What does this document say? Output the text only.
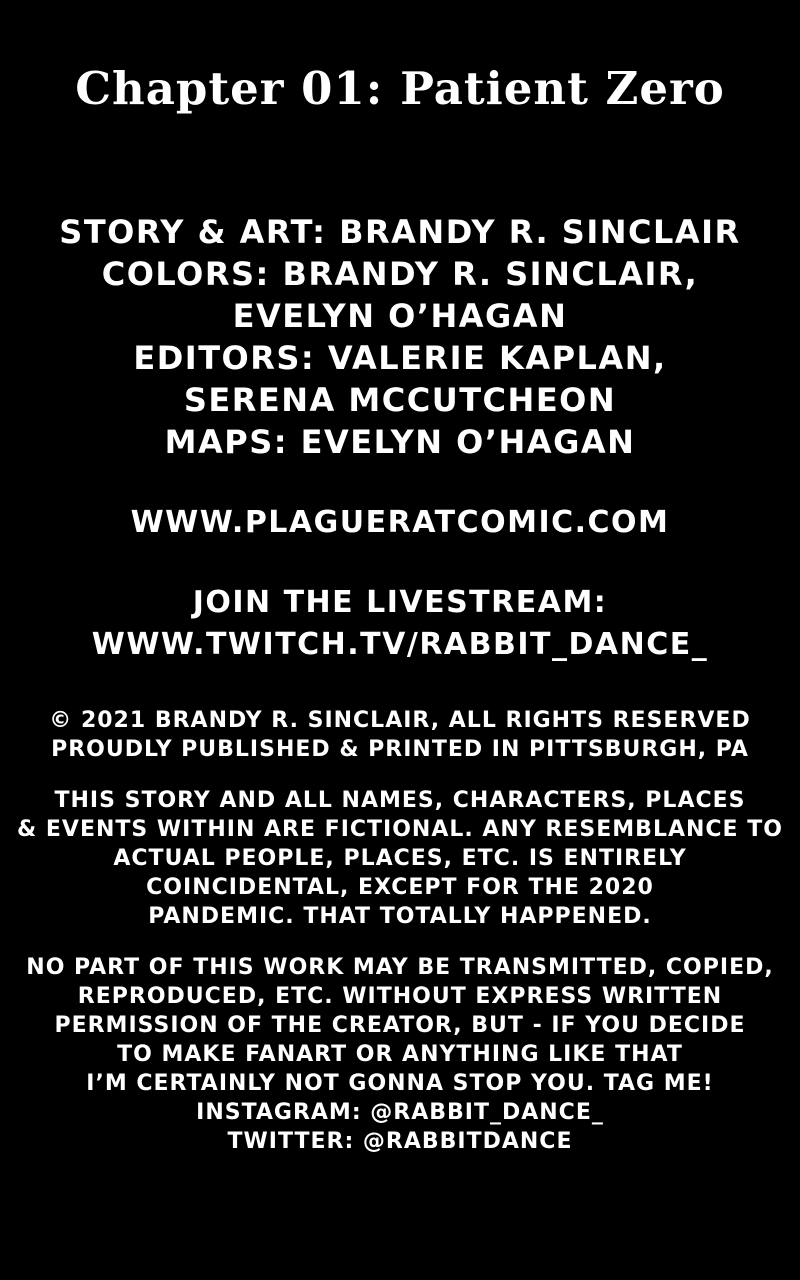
Chapter 01: Patient Zero
STORY & ART: BRANDY R. SINCLAIR
COLORS: BRANDY R. SINCLAIR,
EVELYN O’HAGAN
EDITORS: VALERIE KAPLAN,
SERENA MCCUTCHEON
MAPS: EVELYN O’HAGAN
WWW.PLAGUERATCOMIC.COM
JOIN THE LIVESTREAM:
WWW.TWITCH.TV/RABBIT_DANCE_
© 2021 BRANDY R. SINCLAIR, ALL RIGHTS RESERVED
PROUDLY PUBLISHED & PRINTED IN PITTSBURGH, PA
THIS STORY AND ALL NAMES, CHARACTERS, PLACES
& EVENTS WITHIN ARE FICTIONAL. ANY RESEMBLANCE TO
ACTUAL PEOPLE, PLACES, ETC. IS ENTIRELY
COINCIDENTAL, EXCEPT FOR THE 2020
PANDEMIC. THAT TOTALLY HAPPENED.
NO PART OF THIS WORK MAY BE TRANSMITTED, COPIED,
REPRODUCED, ETC. WITHOUT EXPRESS WRITTEN
PERMISSION OF THE CREATOR, BUT - IF YOU DECIDE
TO MAKE FANART OR ANYTHING LIKE THAT
I’M CERTAINLY NOT GONNA STOP YOU. TAG ME!
INSTAGRAM: @RABBIT_DANCE_
TWITTER: @RABBITDANCE
